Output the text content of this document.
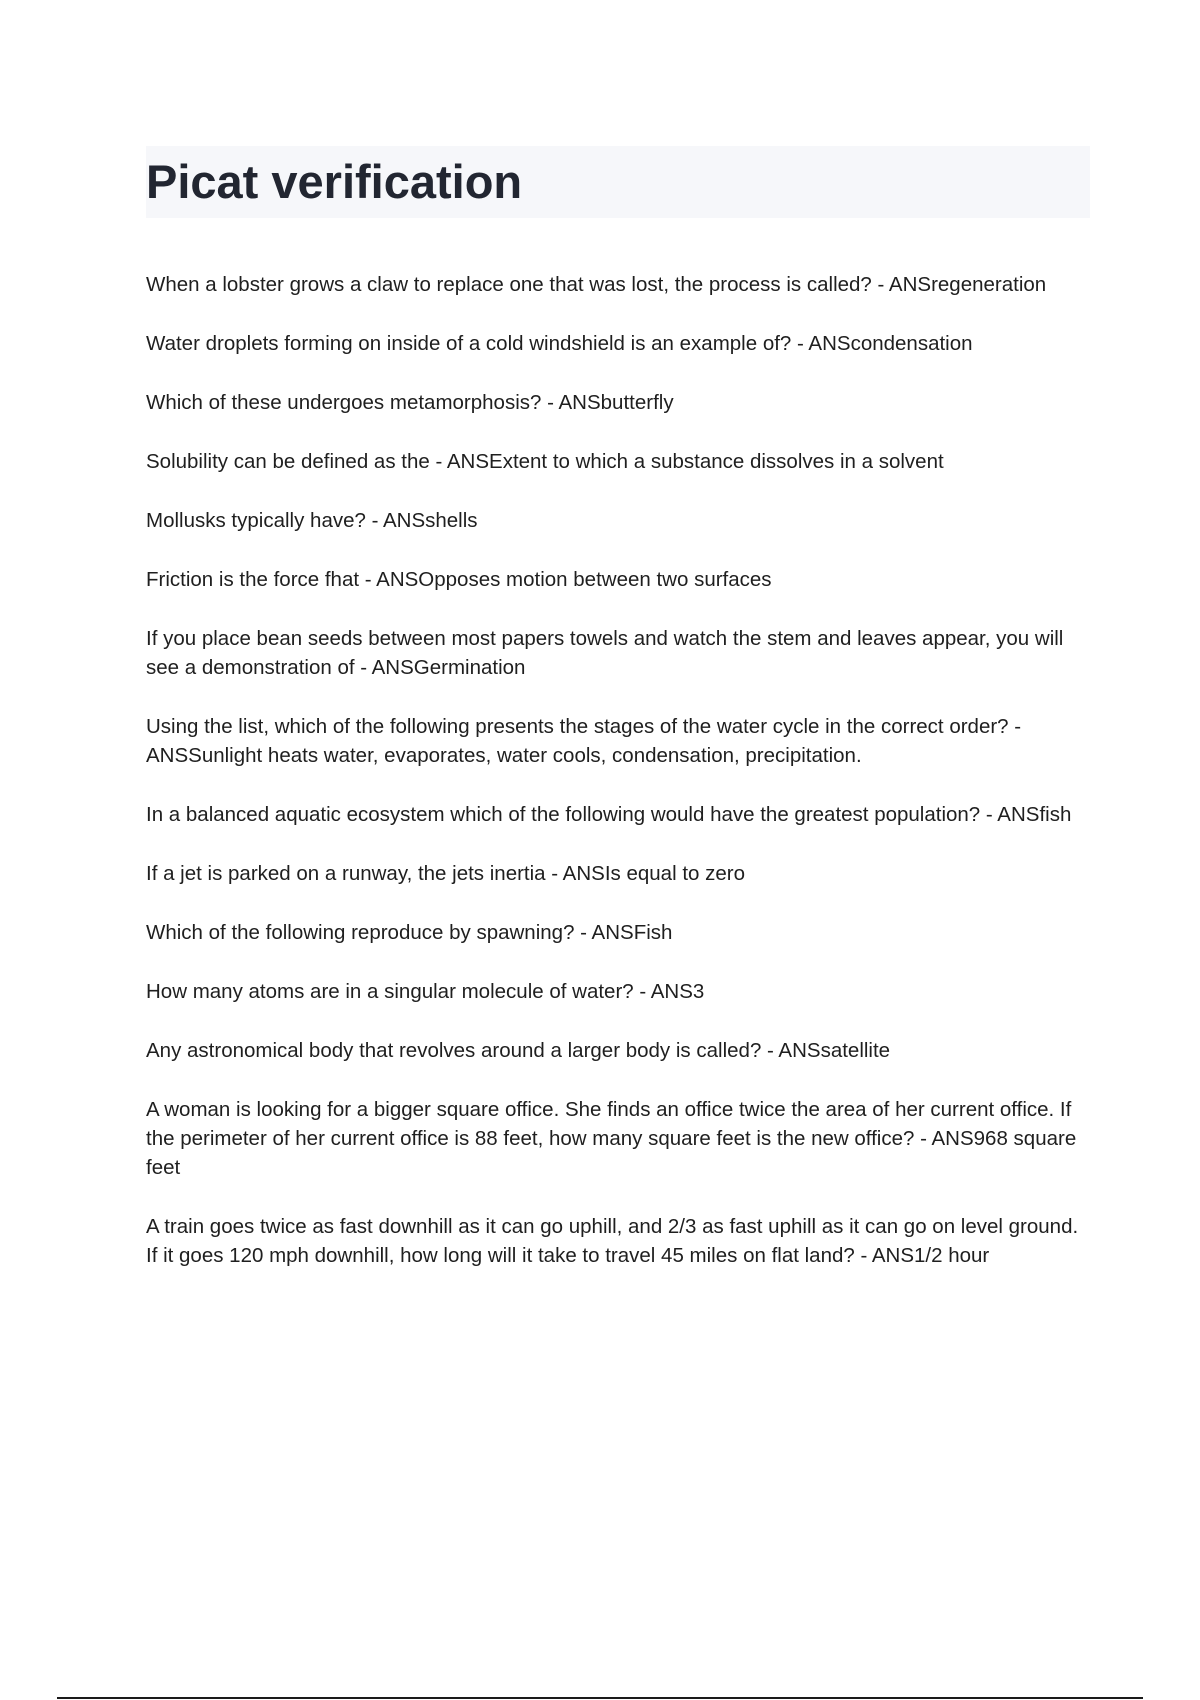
Picat verification

When a lobster grows a claw to replace one that was lost, the process is called? - ANSregeneration

Water droplets forming on inside of a cold windshield is an example of? - ANScondensation

Which of these undergoes metamorphosis? - ANSbutterfly

Solubility can be defined as the - ANSExtent to which a substance dissolves in a solvent

Mollusks typically have? - ANSshells

Friction is the force fhat - ANSOpposes motion between two surfaces

If you place bean seeds between most papers towels and watch the stem and leaves appear, you will see a demonstration of - ANSGermination

Using the list, which of the following presents the stages of the water cycle in the correct order? - ANSSunlight heats water, evaporates, water cools, condensation, precipitation.

In a balanced aquatic ecosystem which of the following would have the greatest population? - ANSfish

If a jet is parked on a runway, the jets inertia - ANSIs equal to zero

Which of the following reproduce by spawning? - ANSFish

How many atoms are in a singular molecule of water? - ANS3

Any astronomical body that revolves around a larger body is called? - ANSsatellite

A woman is looking for a bigger square office. She finds an office twice the area of her current office. If the perimeter of her current office is 88 feet, how many square feet is the new office? - ANS968 square feet

A train goes twice as fast downhill as it can go uphill, and 2/3 as fast uphill as it can go on level ground. If it goes 120 mph downhill, how long will it take to travel 45 miles on flat land? - ANS1/2 hour
